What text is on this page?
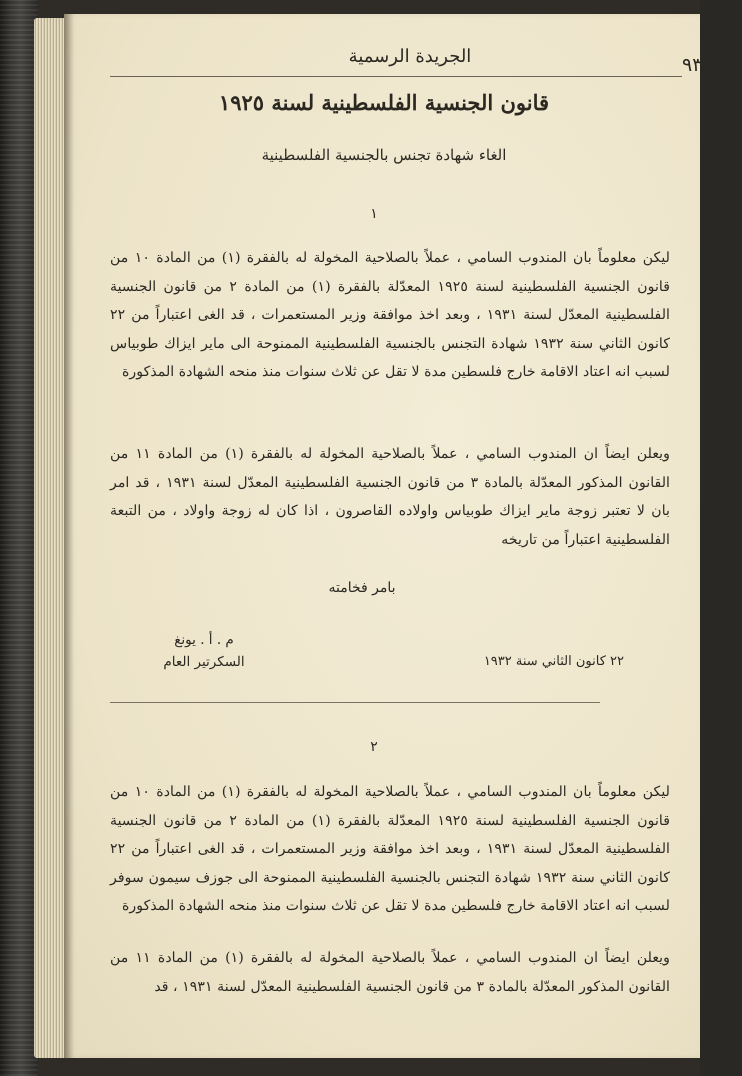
٩٣
الجريدة الرسمية
قانون الجنسية الفلسطينية لسنة ١٩٢٥
الغاء شهادة تجنس بالجنسية الفلسطينية
١

ليكن معلوماً بان المندوب السامي ، عملاً بالصلاحية المخولة له بالفقرة (١) من المادة ١٠ من قانون الجنسية الفلسطينية لسنة ١٩٢٥ المعدّلة بالفقرة (١) من المادة ٢ من قانون الجنسية الفلسطينية المعدّل لسنة ١٩٣١ ، وبعد اخذ موافقة وزير المستعمرات ، قد الغى اعتباراً من ٢٢ كانون الثاني سنة ١٩٣٢ شهادة التجنس بالجنسية الفلسطينية الممنوحة الى ماير ايزاك طوبياس لسبب انه اعتاد الاقامة خارج فلسطين مدة لا تقل عن ثلاث سنوات منذ منحه الشهادة المذكورة

ويعلن ايضاً ان المندوب السامي ، عملاً بالصلاحية المخولة له بالفقرة (١) من المادة ١١ من القانون المذكور المعدّلة بالمادة ٣ من قانون الجنسية الفلسطينية المعدّل لسنة ١٩٣١ ، قد امر بان لا تعتبر زوجة ماير ايزاك طوبياس واولاده القاصرون ، اذا كان له زوجة واولاد ، من التبعة الفلسطينية اعتباراً من تاريخه

بامر فخامته
م . أ . يونغ
السكرتير العام	٢٢ كانون الثاني سنة ١٩٣٢
٢

ليكن معلوماً بان المندوب السامي ، عملاً بالصلاحية المخولة له بالفقرة (١) من المادة ١٠ من قانون الجنسية الفلسطينية لسنة ١٩٢٥ المعدّلة بالفقرة (١) من المادة ٢ من قانون الجنسية الفلسطينية المعدّل لسنة ١٩٣١ ، وبعد اخذ موافقة وزير المستعمرات ، قد الغى اعتباراً من ٢٢ كانون الثاني سنة ١٩٣٢ شهادة التجنس بالجنسية الفلسطينية الممنوحة الى جوزف سيمون سوفر لسبب انه اعتاد الاقامة خارج فلسطين مدة لا تقل عن ثلاث سنوات منذ منحه الشهادة المذكورة

ويعلن ايضاً ان المندوب السامي ، عملاً بالصلاحية المخولة له بالفقرة (١) من المادة ١١ من القانون المذكور المعدّلة بالمادة ٣ من قانون الجنسية الفلسطينية المعدّل لسنة ١٩٣١ ، قد
